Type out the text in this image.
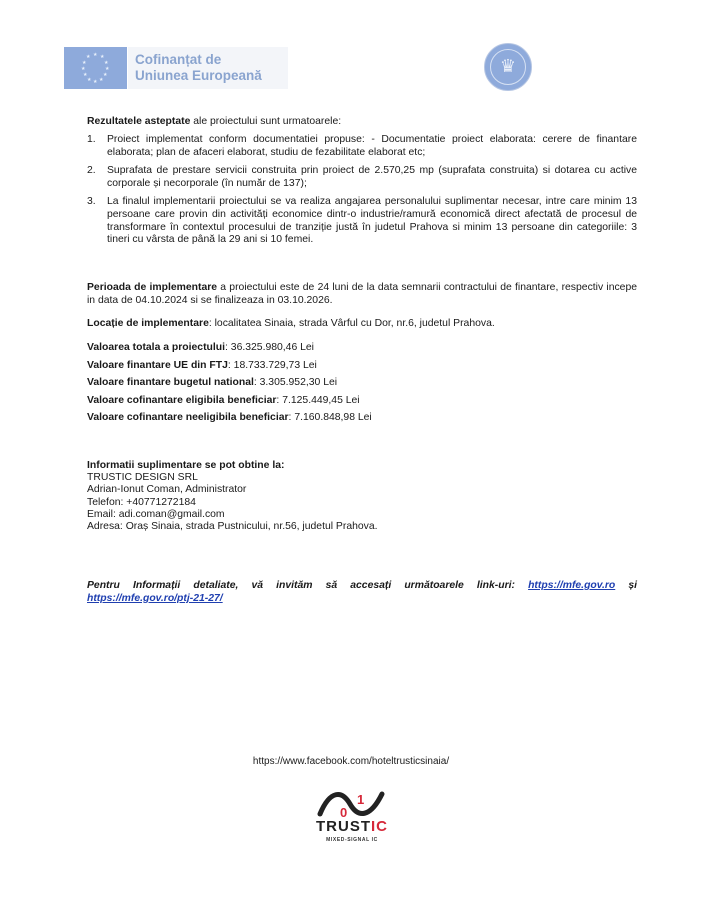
★ ★
★
★
★
★
★
★
★
★
★
★	Cofinanțat de
Uniunea Europeană	♛
Rezultatele asteptate ale proiectului sunt urmatoarele:
1. Proiect implementat conform documentatiei propuse: - Documentatie proiect elaborata: cerere de finantare elaborata; plan de afaceri elaborat, studiu de fezabilitate elaborat etc;
2. Suprafata de prestare servicii construita prin proiect de 2.570,25 mp (suprafata construita) si dotarea cu active corporale și necorporale (în număr de 137);
3. La finalul implementarii proiectului se va realiza angajarea personalului suplimentar necesar, intre care minim 13 persoane care provin din activități economice dintr-o industrie/ramură economică direct afectată de procesul de transformare în contextul procesului de tranziție justă în judetul Prahova si minim 13 persoane din categoriile: 3 tineri cu vârsta de până la 29 ani si 10 femei.
Perioada de implementare a proiectului este de 24 luni de la data semnarii contractului de finantare, respectiv incepe in data de 04.10.2024 si se finalizeaza in 03.10.2026.
Locație de implementare: localitatea Sinaia, strada Vârful cu Dor, nr.6, judetul Prahova.
Valoarea totala a proiectului: 36.325.980,46 Lei
Valoare finantare UE din FTJ: 18.733.729,73 Lei
Valoare finantare bugetul national: 3.305.952,30 Lei
Valoare cofinantare eligibila beneficiar: 7.125.449,45 Lei
Valoare cofinantare neeligibila beneficiar: 7.160.848,98 Lei
Informatii suplimentare se pot obtine la:
TRUSTIC DESIGN SRL
Adrian-Ionut Coman, Administrator
Telefon: +40771272184
Email: adi.coman@gmail.com
Adresa: Oraș Sinaia, strada Pustnicului, nr.56, judetul Prahova.
Pentru Informații detaliate, vă invităm să accesați următoarele link-uri: https://mfe.gov.ro și
https://mfe.gov.ro/ptj-21-27/
https://www.facebook.com/hoteltrusticsinaia/
0
1
TRUSTIC
MIXED-SIGNAL IC
